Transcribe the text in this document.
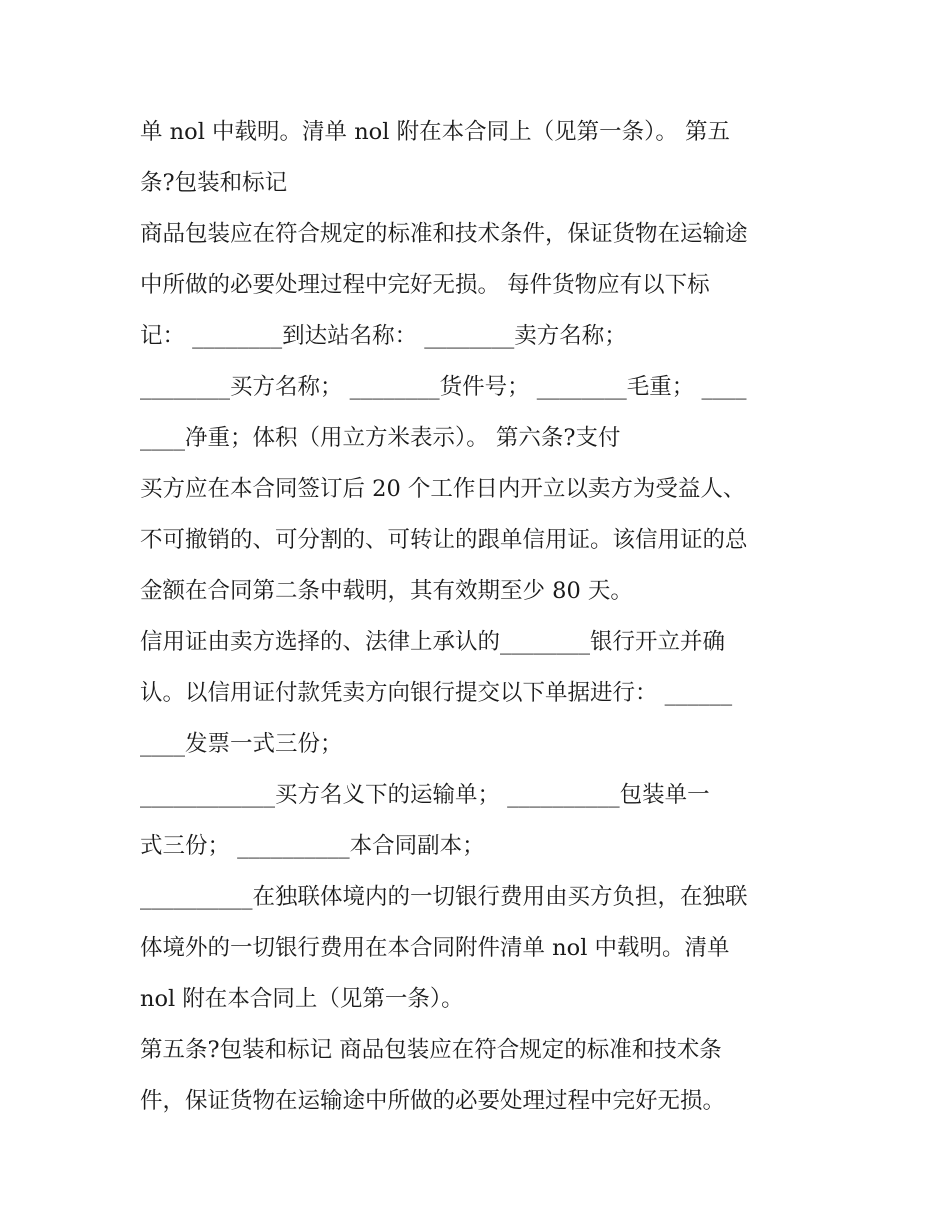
单 nol 中载明。清单 nol 附在本合同上（见第一条）。 第五
条?包装和标记
商品包装应在符合规定的标准和技术条件，保证货物在运输途
中所做的必要处理过程中完好无损。 每件货物应有以下标
记： ________到达站名称： ________卖方名称；
________买方名称； ________货件号； ________毛重； ____
____净重；体积（用立方米表示）。 第六条?支付
买方应在本合同签订后 20 个工作日内开立以卖方为受益人、
不可撤销的、可分割的、可转让的跟单信用证。该信用证的总
金额在合同第二条中载明，其有效期至少 80 天。
信用证由卖方选择的、法律上承认的________银行开立并确
认。以信用证付款凭卖方向银行提交以下单据进行： ______
____发票一式三份；
____________买方名义下的运输单； __________包装单一
式三份； __________本合同副本；
__________在独联体境内的一切银行费用由买方负担，在独联
体境外的一切银行费用在本合同附件清单 nol 中载明。清单
nol 附在本合同上（见第一条）。
第五条?包装和标记 商品包装应在符合规定的标准和技术条
件，保证货物在运输途中所做的必要处理过程中完好无损。
